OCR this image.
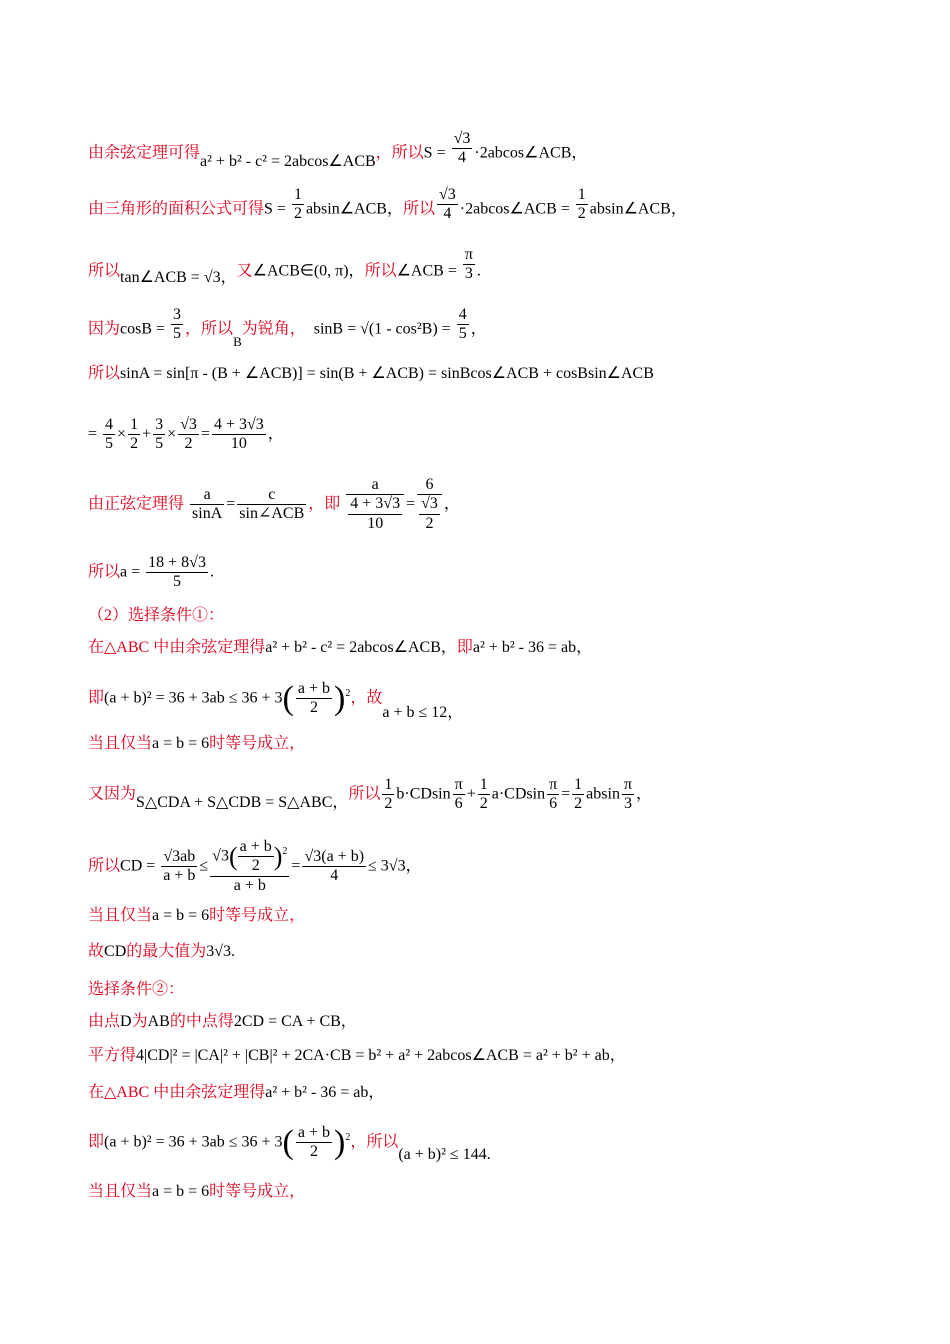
由余弦定理可得a² + b² - c² = 2abcos∠ACB，所以$S = \frac{√3}{4}$ ·2abcos∠ACB，
由三角形的面积公式可得$S = \frac{1}{2}$ absin∠ACB，所以 $\frac{√3}{4}$ ·2abcos∠ACB = $\frac{1}{2}$ absin∠ACB，
所以tan∠ACB = √3，又∠ACB∈(0, π)，所以∠ACB = $\frac{\pi}{3}$ .
因为$\cos B = \frac{3}{5}$ ，所以$_B$为锐角， $\sin B = √(1 - \cos^2B) = \frac{4}{5}$ ，
所以sinA = sin[π - (B + ∠ACB)] = sin(B + ∠ACB) = sinBcos∠ACB + cosBsin∠ACB
= $\frac{4}{5} \times \frac{1}{2} + \frac{3}{5} \times \frac{√3}{2} = \frac{4 + 3√3}{10}$ ，
由正弦定理得 $\frac{a}{\sin A} = \frac{c}{\text{sin∠ACB}}$ ，即 $\frac{a}{\frac{4 + 3√3}{10}} = \frac{6}{\frac{√3}{2}}$ ，
所以$a = \frac{18 + 8√3}{5}$ .
（2）选择条件①：
在△ABC 中由余弦定理得a² + b² - c² = 2abcos∠ACB，即a² + b² - 36 = ab，
即$(a + b)^2 = 36 + 3ab \le 36 + 3( \frac{a + b}{2} )^2$，故a + b ≤ 12，
当且仅当a = b = 6时等号成立，
又因为S△CDA + S△CDB = S△ABC，所以 $\frac{1}{2} b\cdot CDsin \frac{\pi}{6} + \frac{1}{2} a\cdot CDsin \frac{\pi}{6} = \frac{1}{2}$ absin $\frac{\pi}{3}$ ，
所以CD = $\frac{√3ab}{a + b} \le \frac{√3( \frac{a + b}{2} )^2}{a + b} = \frac{√3(a + b)}{4} \le 3√3$，
当且仅当a = b = 6时等号成立，
故CD的最大值为3√3.
选择条件②：
由点D为AB的中点得2CD = CA + CB，
平方得4|CD|² = |CA|² + |CB|² + 2CA·CB = b² + a² + 2abcos∠ACB = a² + b² + ab，
在△ABC 中由余弦定理得a² + b² - 36 = ab，
即$(a + b)^2 = 36 + 3ab \le 36 + 3( \frac{a + b}{2} )^2$，所以(a + b)² ≤ 144.
当且仅当a = b = 6时等号成立，
